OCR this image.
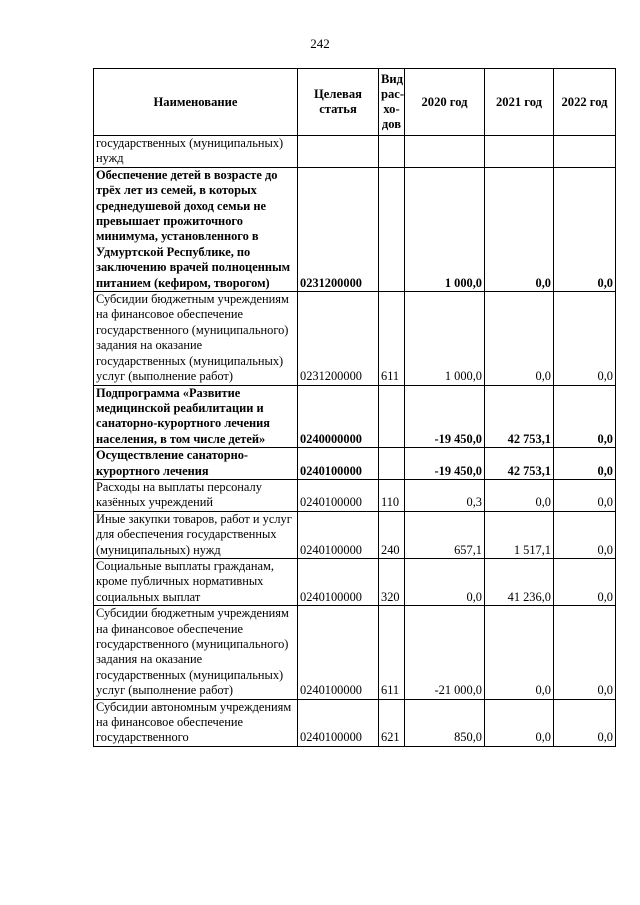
242
Наименование	Целевая статья	Вид рас-хо-дов	2020 год	2021 год	2022 год
государственных (муниципальных) нужд					
Обеспечение детей в возрасте до трёх лет из семей, в которых среднедушевой доход семьи не превышает прожиточного минимума, установленного в Удмуртской Республике, по заключению врачей полноценным питанием (кефиром, творогом)	0231200000		1 000,0	0,0	0,0
Субсидии бюджетным учреждениям на финансовое обеспечение государственного (муниципального) задания на оказание государственных (муниципальных) услуг (выполнение работ)	0231200000	611	1 000,0	0,0	0,0
Подпрограмма «Развитие медицинской реабилитации и санаторно-курортного лечения населения, в том числе детей»	0240000000		-19 450,0	42 753,1	0,0
Осуществление санаторно-курортного лечения	0240100000		-19 450,0	42 753,1	0,0
Расходы на выплаты персоналу казённых учреждений	0240100000	110	0,3	0,0	0,0
Иные закупки товаров, работ и услуг для обеспечения государственных (муниципальных) нужд	0240100000	240	657,1	1 517,1	0,0
Социальные выплаты гражданам, кроме публичных нормативных социальных выплат	0240100000	320	0,0	41 236,0	0,0
Субсидии бюджетным учреждениям на финансовое обеспечение государственного (муниципального) задания на оказание государственных (муниципальных) услуг (выполнение работ)	0240100000	611	-21 000,0	0,0	0,0
Субсидии автономным учреждениям на финансовое обеспечение государственного	0240100000	621	850,0	0,0	0,0
